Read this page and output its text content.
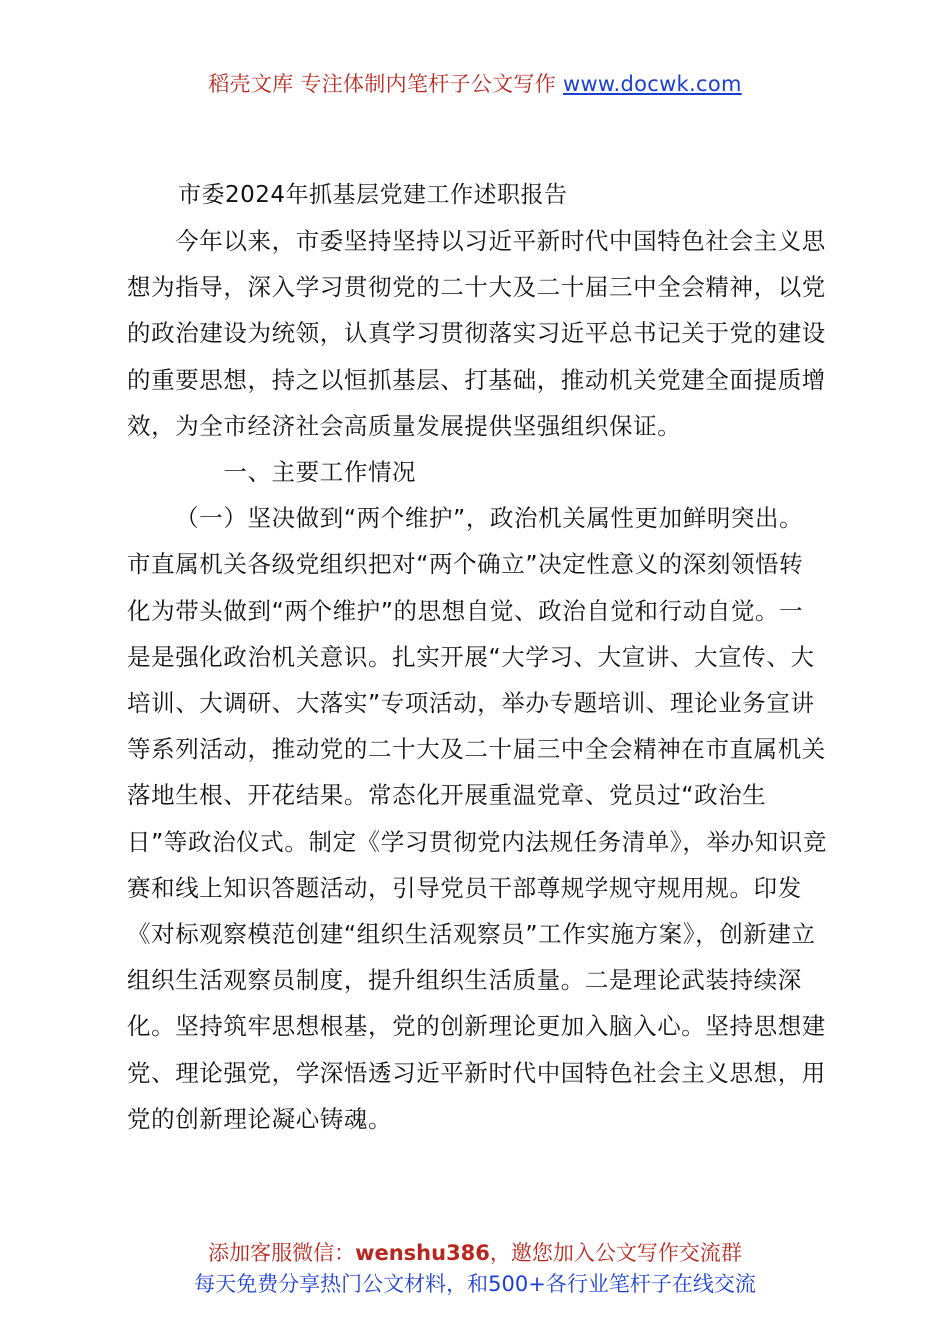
稻壳文库 专注体制内笔杆子公文写作 www.docwk.com
市委2024年抓基层党建工作述职报告

今年以来，市委坚持坚持以习近平新时代中国特色社会主义思想为指导，深入学习贯彻党的二十大及二十届三中全会精神，以党的政治建设为统领，认真学习贯彻落实习近平总书记关于党的建设的重要思想，持之以恒抓基层、打基础，推动机关党建全面提质增效，为全市经济社会高质量发展提供坚强组织保证。

一、主要工作情况

（一）坚决做到“两个维护”，政治机关属性更加鲜明突出。市直属机关各级党组织把对“两个确立”决定性意义的深刻领悟转化为带头做到“两个维护”的思想自觉、政治自觉和行动自觉。一是是强化政治机关意识。扎实开展“大学习、大宣讲、大宣传、大培训、大调研、大落实”专项活动，举办专题培训、理论业务宣讲等系列活动，推动党的二十大及二十届三中全会精神在市直属机关落地生根、开花结果。常态化开展重温党章、党员过“政治生日”等政治仪式。制定《学习贯彻党内法规任务清单》，举办知识竞赛和线上知识答题活动，引导党员干部尊规学规守规用规。印发《对标观察模范创建“组织生活观察员”工作实施方案》，创新建立组织生活观察员制度，提升组织生活质量。二是理论武装持续深化。坚持筑牢思想根基，党的创新理论更加入脑入心。坚持思想建党、理论强党，学深悟透习近平新时代中国特色社会主义思想，用党的创新理论凝心铸魂。

添加客服微信：wenshu386，邀您加入公文写作交流群
每天免费分享热门公文材料，和500+各行业笔杆子在线交流
